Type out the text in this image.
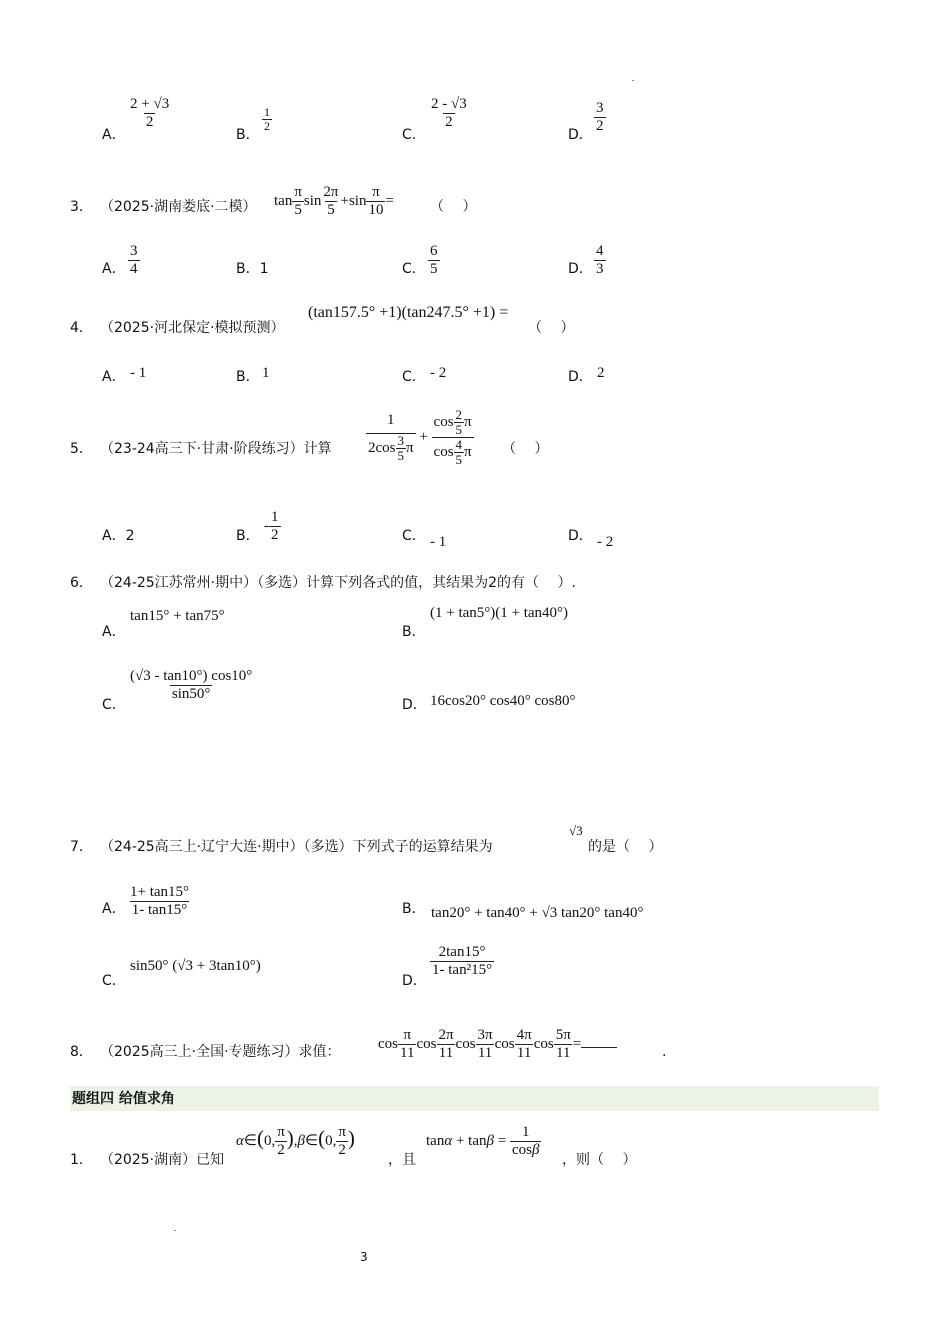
A．
$\frac{2 + √3}{2}$
B．
$\frac{1}{2}$
C．
$\frac{2 - √3}{2}$
D． $\frac{3}{2}$
3． （2025·湖南娄底·二模） $\tan \frac{\pi}{5}$ $\sin \frac{2\pi}{5} +\sin \frac{\pi}{10}$ =	（　 ）
A． $\frac{3}{4}$	B．1	C． $\frac{6}{5}$	D． $\frac{4}{3}$
4． （2025·河北保定·模拟预测）
(tan157.5° +1)(tan247.5° +1) =
（　 ）
A． - 1	B． 1	C． - 2	D． 2
5． （23-24高三下·甘肃·阶段练习）计算 $\frac{1}{2\cos \frac{3}{5} \pi} + \frac{\cos \frac{2}{5} \pi}{\cos \frac{4}{5} \pi}$ （　 ）
A．2	B．
- $\frac{1}{2}$	C． - 1	D． - 2
6． （24-25江苏常州·期中）（多选）计算下列各式的值，其结果为2的有（　 ）.
A．
tan15° + tan75°
B．
(1 + tan5°)(1 + tan40°)
C．
$\frac{(√3 - \tan 10^\circ) \cos 10^\circ}{\sin 50^\circ}$
D． 16cos20° cos40° cos80°
7． （24-25高三上·辽宁大连·期中）（多选）下列式子的运算结果为
√3
的是（　 ）
A． $\frac{1+ \tan 15^\circ}{1- \tan 15^\circ}$	B． tan20° + tan40° + √3 tan20° tan40°
C．
sin50° (√3 + 3tan10°)
D．
$\frac{2\tan 15^\circ}{\text{1- tan²15°}}$
8． （2025高三上·全国·专题练习）求值：
$\cos \frac{\pi}{11}$ $\cos \frac{2\pi}{11}$ $\cos \frac{3\pi}{11}$ $\cos \frac{4\pi}{11}$ $\cos \frac{5\pi}{11}$ =
.
题组四 给值求角
1． （2025·湖南）已知
α∈(0, $\frac{\pi}{2}$ ),β∈(0, $\frac{\pi}{2}$ )
，且
$\tan\alpha + \tan\beta = \frac{1}{\cos\beta}$
，则（　 ）
3
